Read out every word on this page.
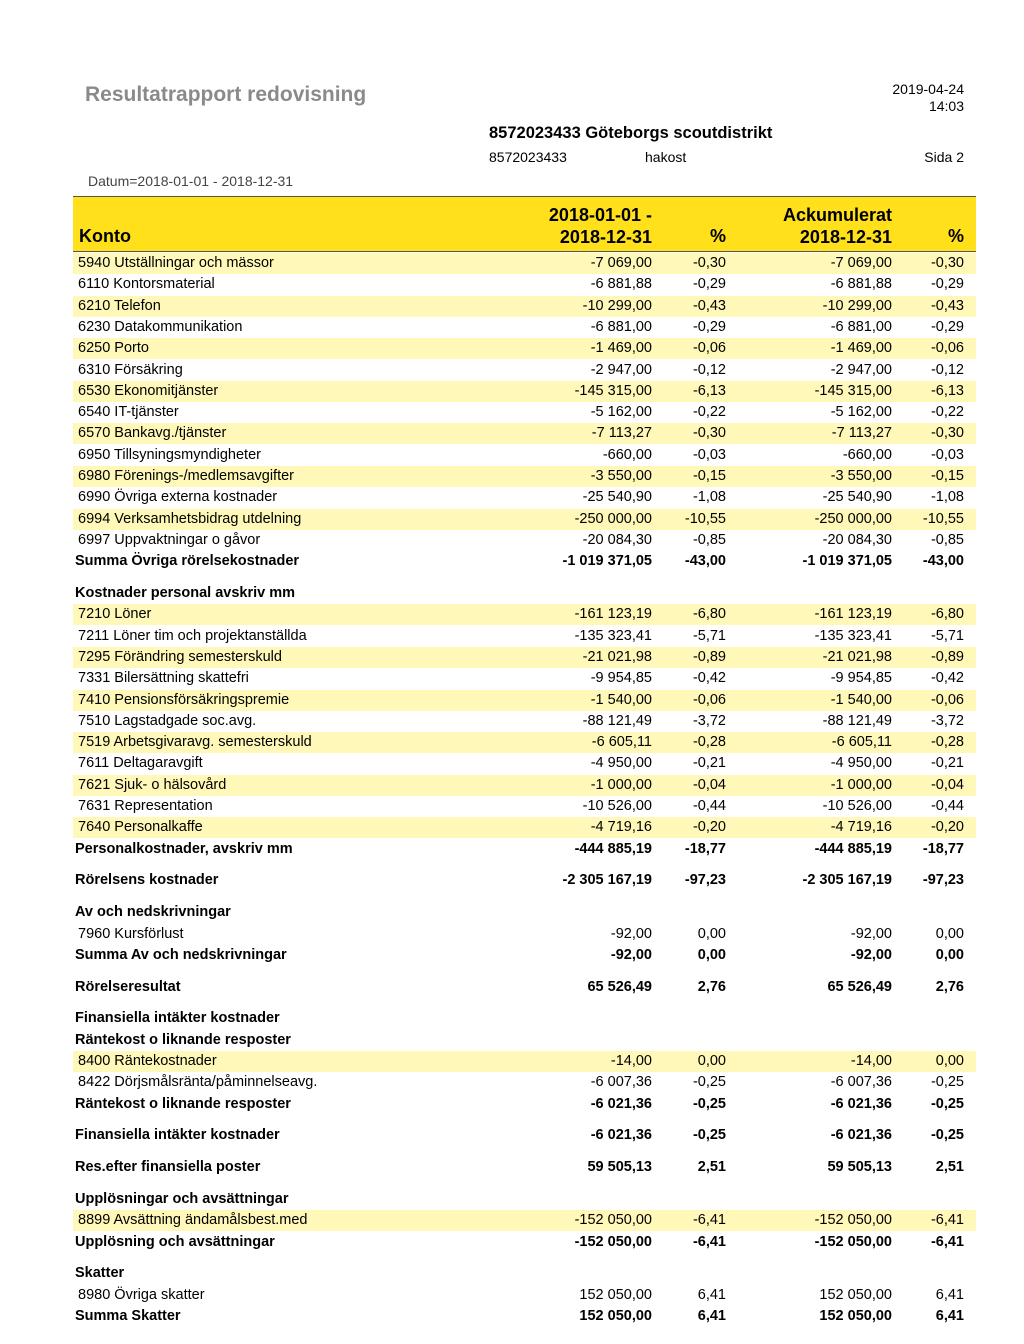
Resultatrapport redovisning	2019-04-24
14:03
8572023433 Göteborgs scoutdistrikt
8572023433	hakost	Sida 2
Datum=2018-01-01 - 2018-12-31
Konto
2018-01-01 -
2018-12-31	%
Ackumulerat
2018-12-31	%
5940 Utställningar och mässor	-7 069,00	-0,30	-7 069,00	-0,30
6110 Kontorsmaterial	-6 881,88	-0,29	-6 881,88	-0,29
6210 Telefon	-10 299,00	-0,43	-10 299,00	-0,43
6230 Datakommunikation	-6 881,00	-0,29	-6 881,00	-0,29
6250 Porto	-1 469,00	-0,06	-1 469,00	-0,06
6310 Försäkring	-2 947,00	-0,12	-2 947,00	-0,12
6530 Ekonomitjänster	-145 315,00	-6,13	-145 315,00	-6,13
6540 IT-tjänster	-5 162,00	-0,22	-5 162,00	-0,22
6570 Bankavg./tjänster	-7 113,27	-0,30	-7 113,27	-0,30
6950 Tillsyningsmyndigheter	-660,00	-0,03	-660,00	-0,03
6980 Förenings-/medlemsavgifter	-3 550,00	-0,15	-3 550,00	-0,15
6990 Övriga externa kostnader	-25 540,90	-1,08	-25 540,90	-1,08
6994 Verksamhetsbidrag utdelning	-250 000,00 -10,55	-250 000,00 -10,55
6997 Uppvaktningar o gåvor	-20 084,30	-0,85	-20 084,30	-0,85
Summa Övriga rörelsekostnader	-1 019 371,05 -43,00	-1 019 371,05 -43,00
Kostnader personal avskriv mm
7210 Löner	-161 123,19	-6,80	-161 123,19	-6,80
7211 Löner tim och projektanställda	-135 323,41	-5,71	-135 323,41	-5,71
7295 Förändring semesterskuld	-21 021,98	-0,89	-21 021,98	-0,89
7331 Bilersättning skattefri	-9 954,85	-0,42	-9 954,85	-0,42
7410 Pensionsförsäkringspremie	-1 540,00	-0,06	-1 540,00	-0,06
7510 Lagstadgade soc.avg.	-88 121,49	-3,72	-88 121,49	-3,72
7519 Arbetsgivaravg. semesterskuld	-6 605,11	-0,28	-6 605,11	-0,28
7611 Deltagaravgift	-4 950,00	-0,21	-4 950,00	-0,21
7621 Sjuk- o hälsovård	-1 000,00	-0,04	-1 000,00	-0,04
7631 Representation	-10 526,00	-0,44	-10 526,00	-0,44
7640 Personalkaffe	-4 719,16	-0,20	-4 719,16	-0,20
Personalkostnader, avskriv mm	-444 885,19 -18,77	-444 885,19 -18,77
Rörelsens kostnader	-2 305 167,19 -97,23	-2 305 167,19 -97,23
Av och nedskrivningar
7960 Kursförlust	-92,00	0,00	-92,00	0,00
Summa Av och nedskrivningar	-92,00	0,00	-92,00	0,00
Rörelseresultat	65 526,49	2,76	65 526,49	2,76
Finansiella intäkter kostnader
Räntekost o liknande resposter
8400 Räntekostnader	-14,00	0,00	-14,00	0,00
8422 Dörjsmålsränta/påminnelseavg.	-6 007,36	-0,25	-6 007,36	-0,25
Räntekost o liknande resposter	-6 021,36	-0,25	-6 021,36	-0,25
Finansiella intäkter kostnader	-6 021,36	-0,25	-6 021,36	-0,25
Res.efter finansiella poster	59 505,13	2,51	59 505,13	2,51
Upplösningar och avsättningar
8899 Avsättning ändamålsbest.med	-152 050,00	-6,41	-152 050,00	-6,41
Upplösning och avsättningar	-152 050,00	-6,41	-152 050,00	-6,41
Skatter
8980 Övriga skatter	152 050,00	6,41	152 050,00	6,41
Summa Skatter	152 050,00	6,41	152 050,00	6,41
